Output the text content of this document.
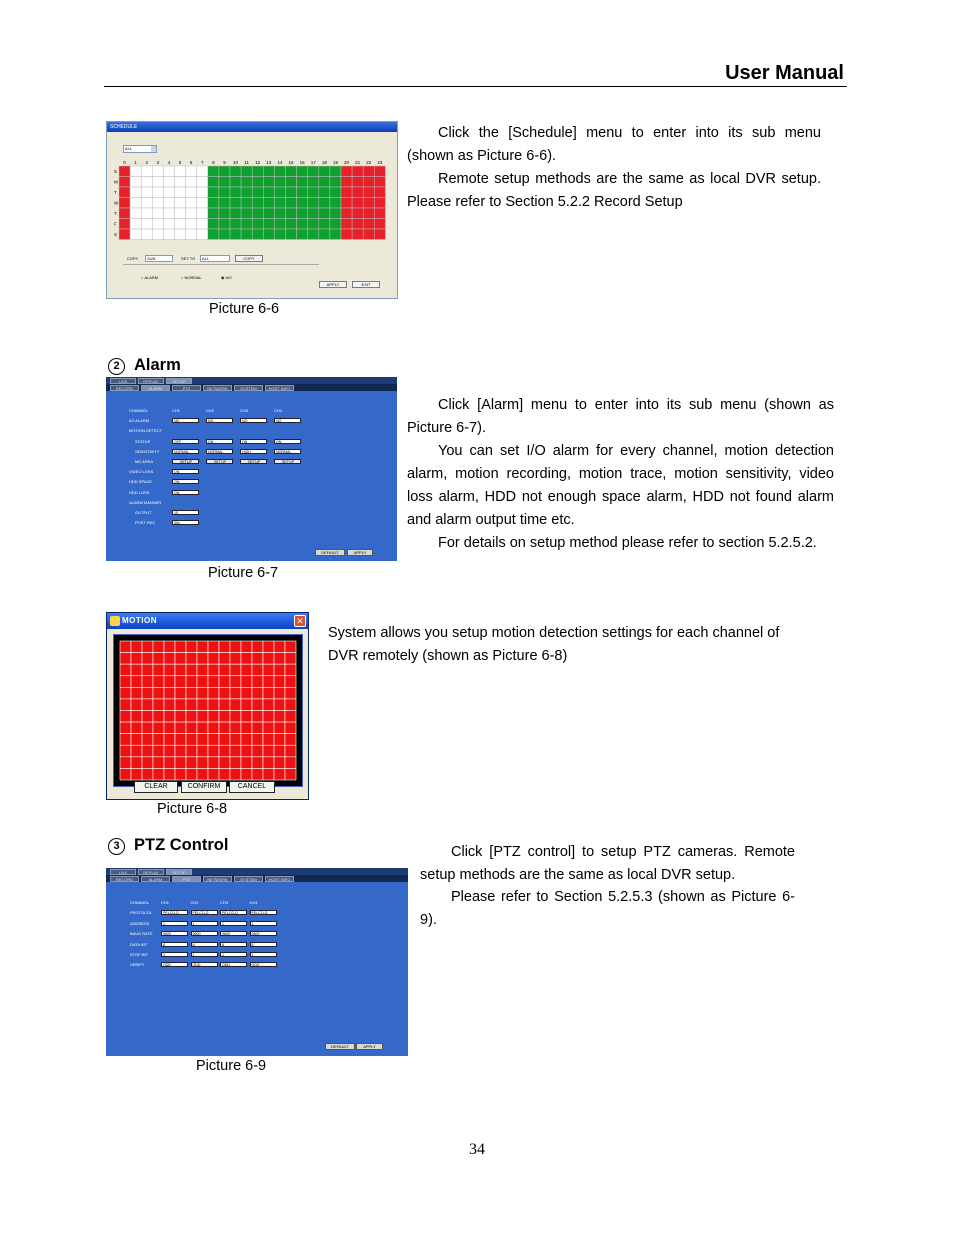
User Manual
SCHEDULE
ALL
0 1 2 3 4 5 6 7 8 9 10 11 12 13 14 15 16 17 18 19 20 21 22 23
S
M
T
W
T
F
S
COPY	SUN	SET TO	ALL	COPY
○ ALARM	○ NORMAL	◉ NO
APPLY	EXIT
Picture 6-6

Click the [Schedule] menu to enter into its sub menu (shown as Picture 6-6).

Remote setup methods are the same as local DVR setup. Please refer to Section 5.2.2 Record Setup

2 Alarm
LIVE	REPLAY	SETUP
RECORD	ALARM	PTZ	NETWORK	SYSTEM	HOST INFO
DEFAULT	APPLY
CHANNEL	CH1	CH2	CH3	CH4
I/O ALARM	NO	NO	NO	NO
MOTION DETECT
STATUS	OFF	ON	ON	ON
SENSITIVITY	NORMAL	NORMAL	HIGH	NORMAL
MD AREA	SETUP	SETUP	SETUP	SETUP
VIDEO LOSS	ON
HDD SPACE	ON
HDD LOSS	ON
ALARM MANNER
OUTPUT	15
POST REC	30s
Picture 6-7

Click [Alarm] menu to enter into its sub menu (shown as Picture 6-7).

You can set I/O alarm for every channel, motion detection alarm, motion recording, motion trace, motion sensitivity, video loss alarm, HDD not enough space alarm, HDD not found alarm and alarm output time etc.

For details on setup method please refer to section 5.2.5.2.

MOTION	✕
CLEAR	CONFIRM	CANCEL
Picture 6-8

System allows you setup motion detection settings for each channel of DVR remotely (shown as Picture 6-8)

3 PTZ Control
LIVE	REPLAY	SETUP
RECORD	ALARM	PTZ	NETWORK	SYSTEM	HOST INFO
DEFAULT	APPLY
CHANNEL	CH1	CH2	CH3	CH4
PROTOCOL	PELCO-D	PELCO-D	PELCO-D	PELCO-D
ADDRESS	1	1	1	1
BAUD RATE	9600	9600	9600	9600
DATA BIT	8	8	8	8
STOP BIT	1	1	1	1
VERIFY	ODD	ODD	ODD	ODD
Picture 6-9

Click [PTZ control] to setup PTZ cameras. Remote setup methods are the same as local DVR setup.

Please refer to Section 5.2.5.3 (shown as Picture 6-9).

34
